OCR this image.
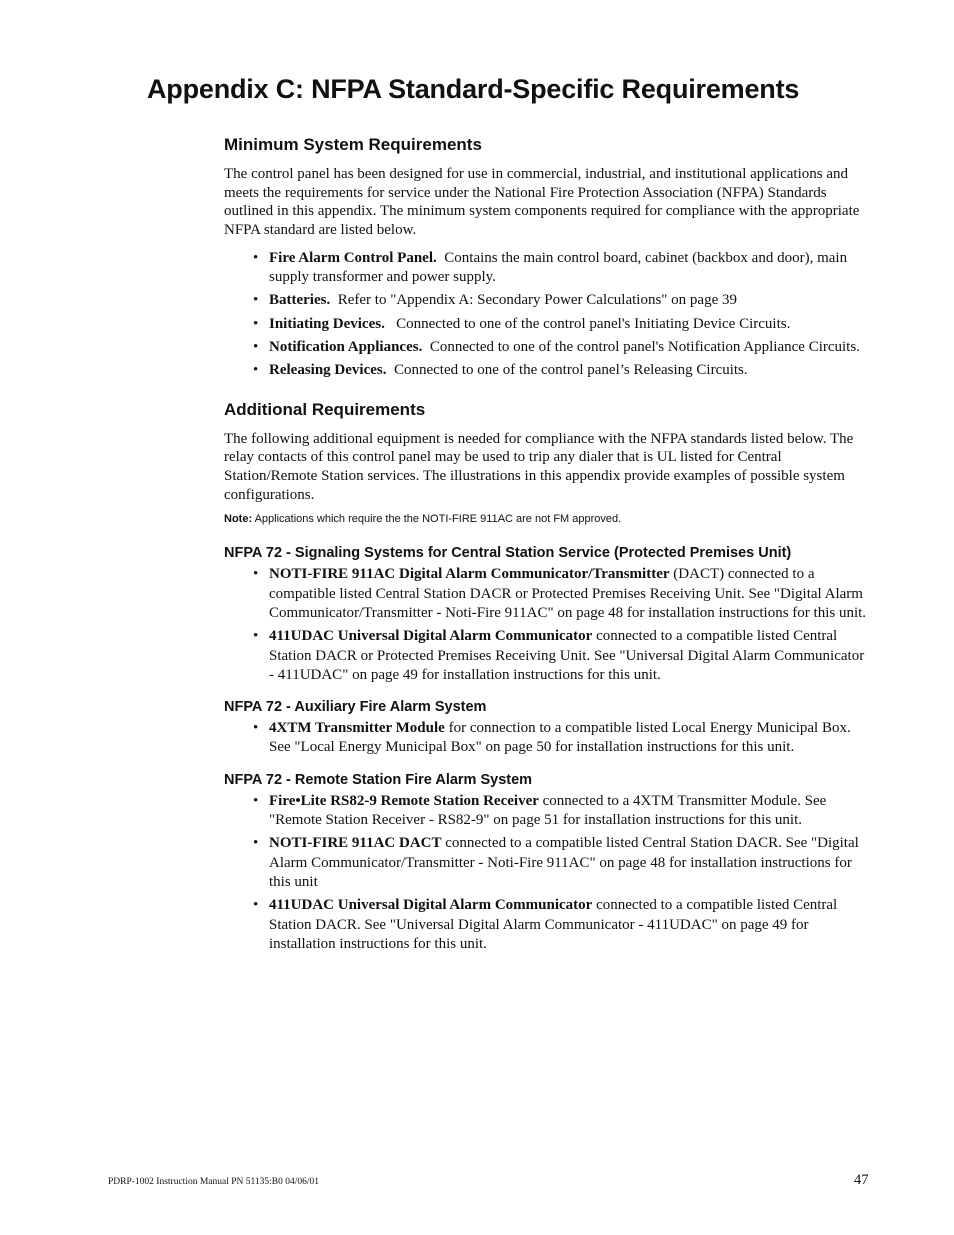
Appendix C: NFPA Standard-Specific Requirements
Minimum System Requirements

The control panel has been designed for use in commercial, industrial, and institutional applications and meets the requirements for service under the National Fire Protection Association (NFPA) Standards outlined in this appendix. The minimum system components required for compliance with the appropriate NFPA standard are listed below.

• Fire Alarm Control Panel. Contains the main control board, cabinet (backbox and door), main supply transformer and power supply.
• Batteries. Refer to "Appendix A: Secondary Power Calculations" on page 39
• Initiating Devices. Connected to one of the control panel's Initiating Device Circuits.
• Notification Appliances. Connected to one of the control panel's Notification Appliance Circuits.
• Releasing Devices. Connected to one of the control panel’s Releasing Circuits.
Additional Requirements

The following additional equipment is needed for compliance with the NFPA standards listed below. The relay contacts of this control panel may be used to trip any dialer that is UL listed for Central Station/Remote Station services. The illustrations in this appendix provide examples of possible system configurations.

Note: Applications which require the the NOTI-FIRE 911AC are not FM approved.
NFPA 72 - Signaling Systems for Central Station Service (Protected Premises Unit)
• NOTI-FIRE 911AC Digital Alarm Communicator/Transmitter (DACT) connected to a compatible listed Central Station DACR or Protected Premises Receiving Unit. See "Digital Alarm Communicator/Transmitter - Noti-Fire 911AC" on page 48 for installation instructions for this unit.
• 411UDAC Universal Digital Alarm Communicator connected to a compatible listed Central Station DACR or Protected Premises Receiving Unit. See "Universal Digital Alarm Communicator - 411UDAC" on page 49 for installation instructions for this unit.
NFPA 72 - Auxiliary Fire Alarm System
• 4XTM Transmitter Module for connection to a compatible listed Local Energy Municipal Box. See "Local Energy Municipal Box" on page 50 for installation instructions for this unit.
NFPA 72 - Remote Station Fire Alarm System
• Fire•Lite RS82-9 Remote Station Receiver connected to a 4XTM Transmitter Module. See "Remote Station Receiver - RS82-9" on page 51 for installation instructions for this unit.
• NOTI-FIRE 911AC DACT connected to a compatible listed Central Station DACR. See "Digital Alarm Communicator/Transmitter - Noti-Fire 911AC" on page 48 for installation instructions for this unit
• 411UDAC Universal Digital Alarm Communicator connected to a compatible listed Central Station DACR. See "Universal Digital Alarm Communicator - 411UDAC" on page 49 for installation instructions for this unit.
PDRP-1002 Instruction Manual PN 51135:B0 04/06/01	47
